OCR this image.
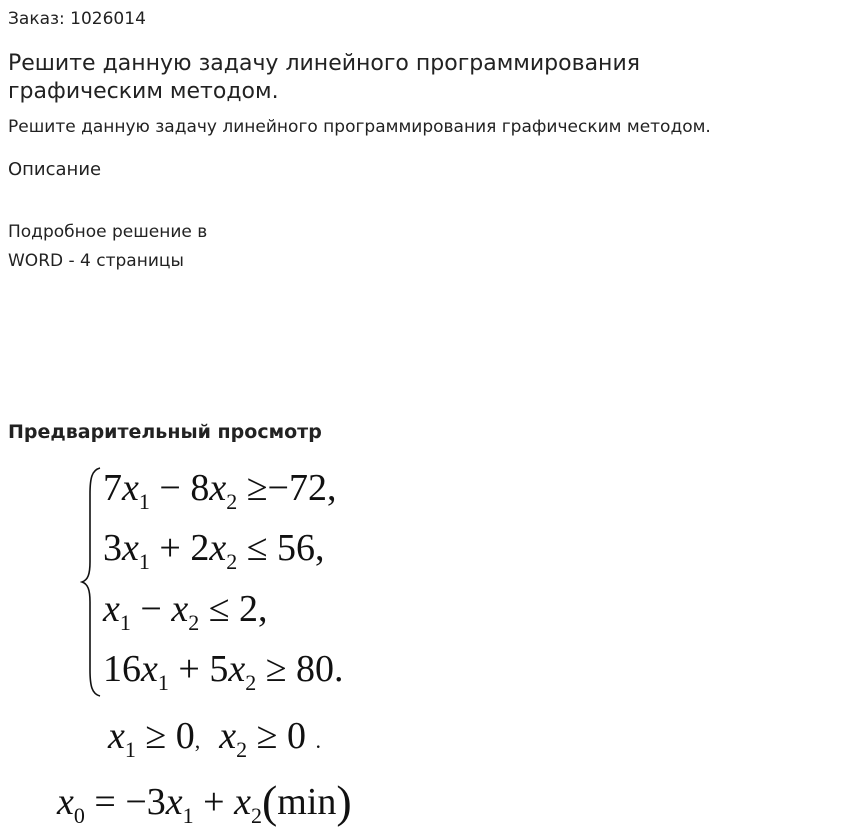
Заказ: 1026014
Решите данную задачу линейного программирования графическим методом.
Решите данную задачу линейного программирования графическим методом.
Описание
Подробное решение в
WORD - 4 страницы
Предварительный просмотр
$7x_1 - 8x_2 \ge-72$,
$3x_1 + 2x_2 \le 56$,
$x_1 - x_2 \le 2$,
$16x_1 + 5x_2 \ge 80$.
$x_1 \ge 0$, $x_2 \ge 0$ .
$x_0 = -3x_1 + x_2(\min)$
